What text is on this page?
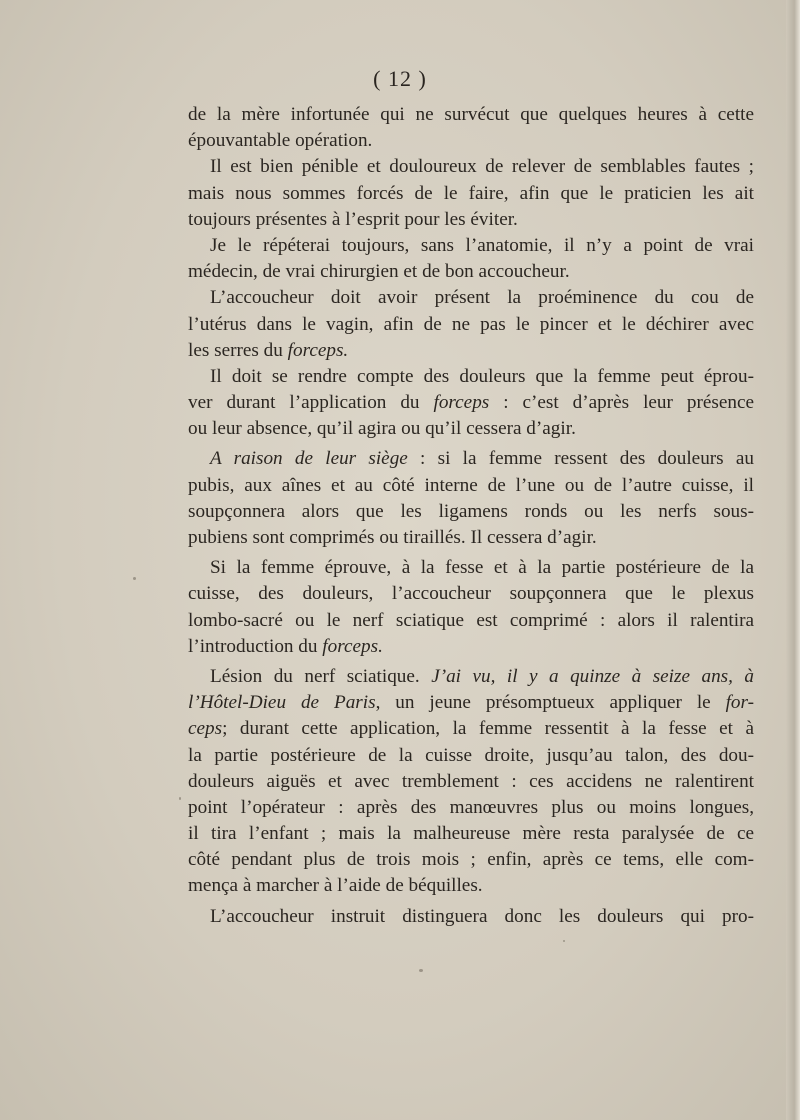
( 12 )
de la mère infortunée qui ne survécut que quelques heures à cette
épouvantable opération.
Il est bien pénible et douloureux de relever de semblables fautes ;
mais nous sommes forcés de le faire, afin que le praticien les ait
toujours présentes à l’esprit pour les éviter.
Je le répéterai toujours, sans l’anatomie, il n’y a point de vrai
médecin, de vrai chirurgien et de bon accoucheur.
L’accoucheur doit avoir présent la proéminence du cou de
l’utérus dans le vagin, afin de ne pas le pincer et le déchirer avec
les serres du forceps.
Il doit se rendre compte des douleurs que la femme peut éprou-
ver durant l’application du forceps : c’est d’après leur présence
ou leur absence, qu’il agira ou qu’il cessera d’agir.
A raison de leur siège : si la femme ressent des douleurs au
pubis, aux aînes et au côté interne de l’une ou de l’autre cuisse, il
soupçonnera alors que les ligamens ronds ou les nerfs sous-
pubiens sont comprimés ou tiraillés. Il cessera d’agir.
Si la femme éprouve, à la fesse et à la partie postérieure de la
cuisse, des douleurs, l’accoucheur soupçonnera que le plexus
lombo-sacré ou le nerf sciatique est comprimé : alors il ralentira
l’introduction du forceps.
Lésion du nerf sciatique. J’ai vu, il y a quinze à seize ans, à
l’Hôtel-Dieu de Paris, un jeune présomptueux appliquer le for-
ceps; durant cette application, la femme ressentit à la fesse et à
la partie postérieure de la cuisse droite, jusqu’au talon, des dou-
douleurs aiguës et avec tremblement : ces accidens ne ralentirent
point l’opérateur : après des manœuvres plus ou moins longues,
il tira l’enfant ; mais la malheureuse mère resta paralysée de ce
côté pendant plus de trois mois ; enfin, après ce tems, elle com-
mença à marcher à l’aide de béquilles.
L’accoucheur instruit distinguera donc les douleurs qui pro-
